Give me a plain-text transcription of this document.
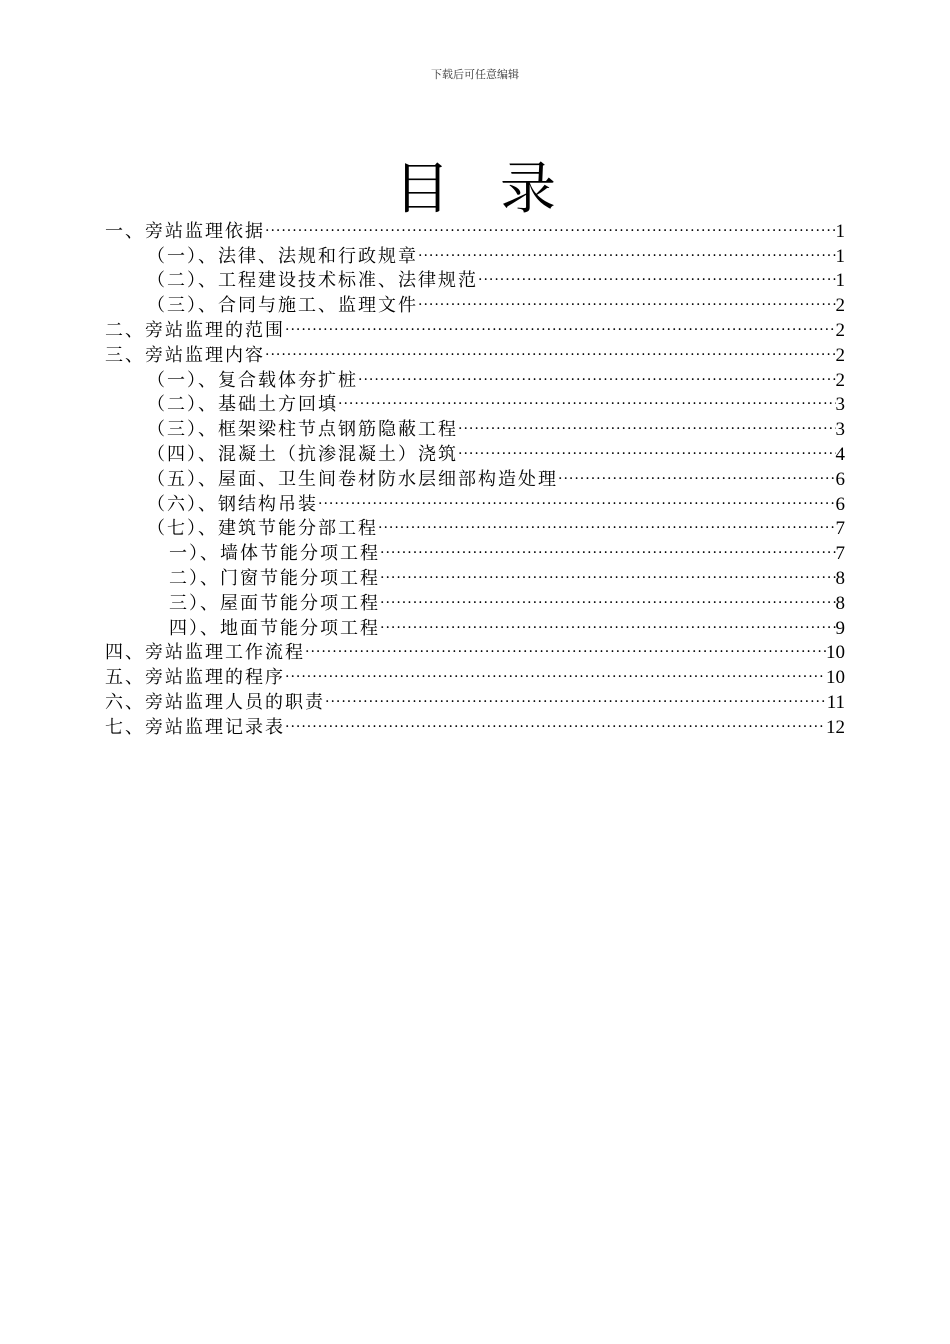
下载后可任意编辑
目录
一、旁站监理依据 .....	1
（一）、法律、法规和行政规章 .....	1
（二）、工程建设技术标准、法律规范 .....	1
（三）、合同与施工、监理文件 .....	2
二、旁站监理的范围 .....	2
三、旁站监理内容 .....	2
（一）、复合载体夯扩桩 .....	2
（二）、基础土方回填 .....	3
（三）、框架梁柱节点钢筋隐蔽工程 .....	3
（四）、混凝土（抗渗混凝土）浇筑 .....	4
（五）、屋面、卫生间卷材防水层细部构造处理 .....	6
（六）、钢结构吊装 .....	6
（七）、建筑节能分部工程 .....	7
一）、墙体节能分项工程 .....	7
二）、门窗节能分项工程 .....	8
三）、屋面节能分项工程 .....	8
四）、地面节能分项工程 .....	9
四、旁站监理工作流程 .....	10
五、旁站监理的程序 .....	10
六、旁站监理人员的职责 .....	11
七、旁站监理记录表 .....	12
